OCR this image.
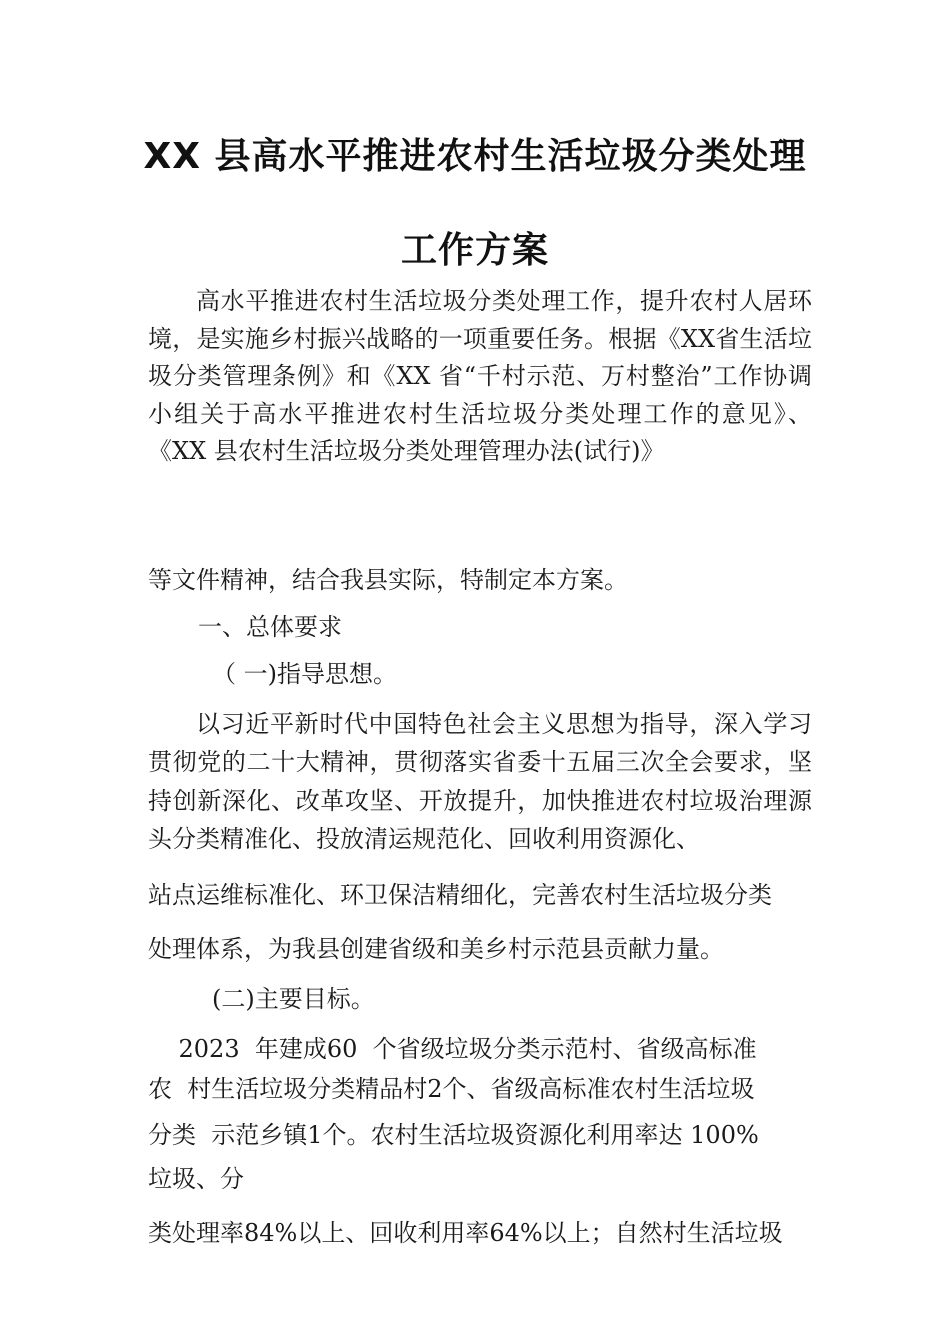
XX 县高水平推进农村生活垃圾分类处理
工作方案

高水平推进农村生活垃圾分类处理工作，提升农村人居环境，是实施乡村振兴战略的一项重要任务。根据《XX省生活垃圾分类管理条例》和《XX 省“千村示范、万村整治”工作协调小组关于高水平推进农村生活垃圾分类处理工作的意见》、 《XX 县农村生活垃圾分类处理管理办法(试行)》

等文件精神，结合我县实际，特制定本方案。

一、总体要求

（ 一)指导思想。

以习近平新时代中国特色社会主义思想为指导，深入学习贯彻党的二十大精神，贯彻落实省委十五届三次全会要求，坚持创新深化、改革攻坚、开放提升，加快推进农村垃圾治理源头分类精准化、投放清运规范化、回收利用资源化、

站点运维标准化、环卫保洁精细化，完善农村生活垃圾分类

处理体系，为我县创建省级和美乡村示范县贡献力量。

(二)主要目标。

2023  年建成60  个省级垃圾分类示范村、省级高标准

农  村生活垃圾分类精品村2个、省级高标准农村生活垃圾

分类  示范乡镇1个。农村生活垃圾资源化利用率达 100%

垃圾、分

类处理率84%以上、回收利用率64%以上；自然村生活垃圾
